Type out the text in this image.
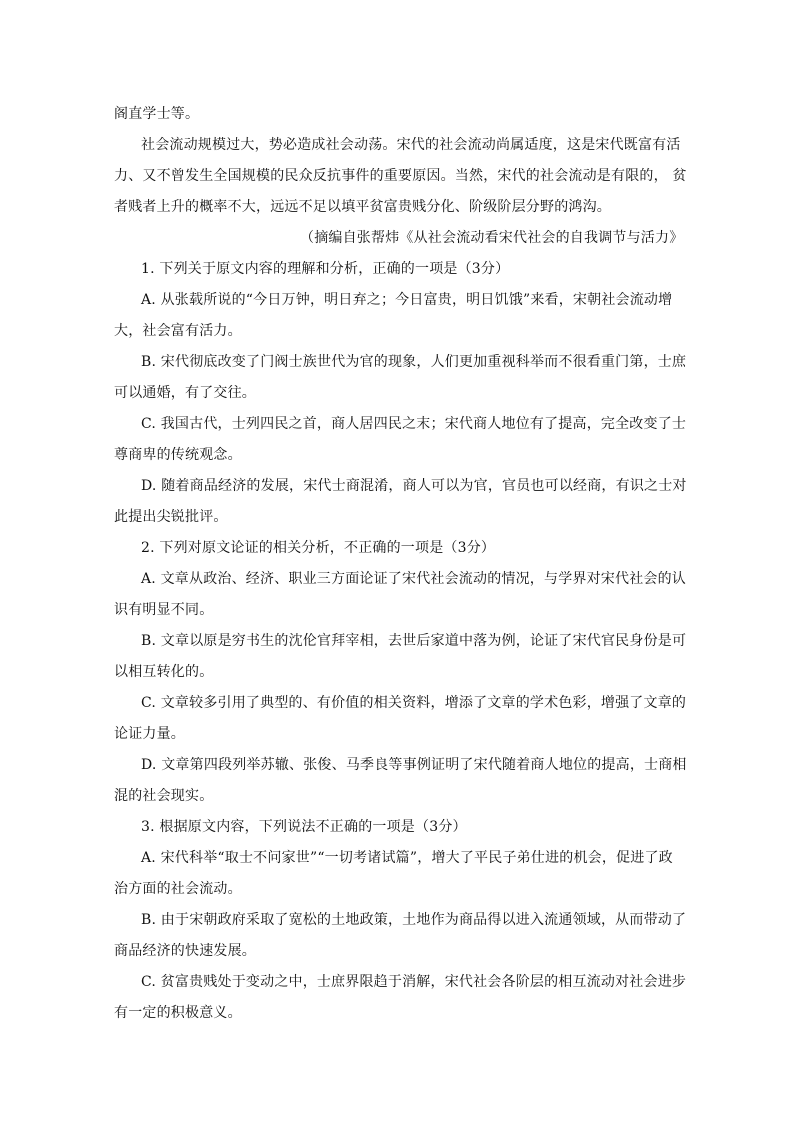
阁直学士等。
社会流动规模过大，势必造成社会动荡。宋代的社会流动尚属适度，这是宋代既富有活
力、又不曾发生全国规模的民众反抗事件的重要原因。当然，宋代的社会流动是有限的， 贫
者贱者上升的概率不大，远远不足以填平贫富贵贱分化、阶级阶层分野的鸿沟。
（摘编自张帮炜《从社会流动看宋代社会的自我调节与活力》
1. 下列关于原文内容的理解和分析，正确的一项是（3分）
A. 从张载所说的“今日万钟，明日弃之；今日富贵，明日饥饿”来看，宋朝社会流动增
大，社会富有活力。
B. 宋代彻底改变了门阀士族世代为官的现象，人们更加重视科举而不很看重门第，士庶
可以通婚，有了交往。
C. 我国古代，士列四民之首，商人居四民之末；宋代商人地位有了提高，完全改变了士
尊商卑的传统观念。
D. 随着商品经济的发展，宋代士商混淆，商人可以为官，官员也可以经商，有识之士对
此提出尖锐批评。
2. 下列对原文论证的相关分析，不正确的一项是（3分）
A. 文章从政治、经济、职业三方面论证了宋代社会流动的情况，与学界对宋代社会的认
识有明显不同。
B. 文章以原是穷书生的沈伦官拜宰相，去世后家道中落为例，论证了宋代官民身份是可
以相互转化的。
C. 文章较多引用了典型的、有价值的相关资料，增添了文章的学术色彩，增强了文章的
论证力量。
D. 文章第四段列举苏辙、张俊、马季良等事例证明了宋代随着商人地位的提高，士商相
混的社会现实。
3. 根据原文内容，下列说法不正确的一项是（3分）
A. 宋代科举“取士不问家世”“一切考诸试篇”，增大了平民子弟仕进的机会，促进了政
治方面的社会流动。
B. 由于宋朝政府采取了宽松的土地政策，土地作为商品得以进入流通领域，从而带动了
商品经济的快速发展。
C. 贫富贵贱处于变动之中，士庶界限趋于消解，宋代社会各阶层的相互流动对社会进步
有一定的积极意义。
